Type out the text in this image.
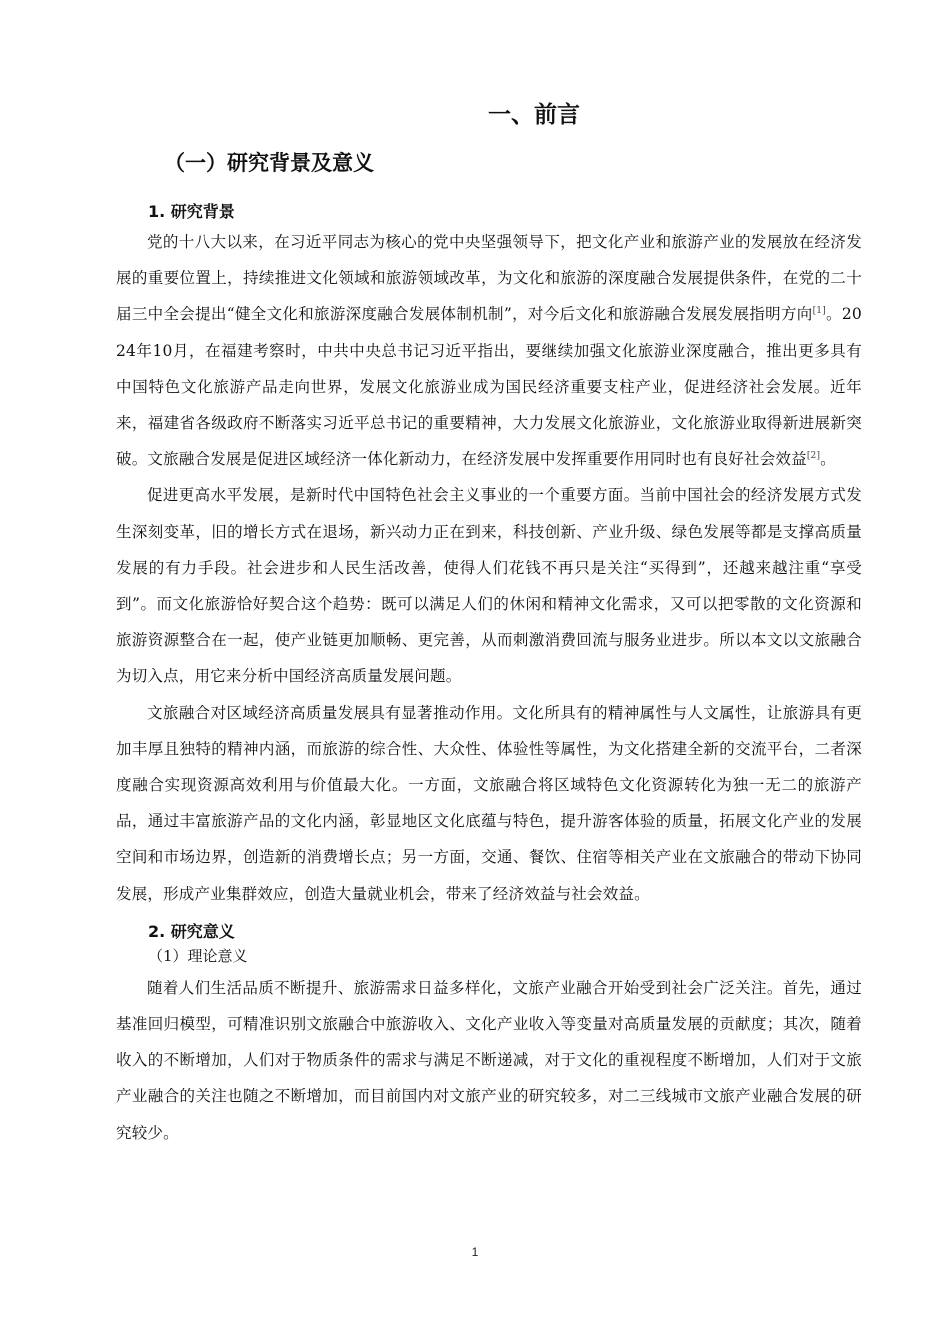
一、前言
（一）研究背景及意义
1. 研究背景

党的十八大以来，在习近平同志为核心的党中央坚强领导下，把文化产业和旅游产业的发展放在经济发展的重要位置上，持续推进文化领域和旅游领域改革，为文化和旅游的深度融合发展提供条件，在党的二十届三中全会提出“健全文化和旅游深度融合发展体制机制”，对今后文化和旅游融合发展发展指明方向[1]。2024年10月，在福建考察时，中共中央总书记习近平指出，要继续加强文化旅游业深度融合，推出更多具有中国特色文化旅游产品走向世界，发展文化旅游业成为国民经济重要支柱产业，促进经济社会发展。近年来，福建省各级政府不断落实习近平总书记的重要精神，大力发展文化旅游业，文化旅游业取得新进展新突破。文旅融合发展是促进区域经济一体化新动力，在经济发展中发挥重要作用同时也有良好社会效益[2]。

促进更高水平发展，是新时代中国特色社会主义事业的一个重要方面。当前中国社会的经济发展方式发生深刻变革，旧的增长方式在退场，新兴动力正在到来，科技创新、产业升级、绿色发展等都是支撑高质量发展的有力手段。社会进步和人民生活改善，使得人们花钱不再只是关注“买得到”，还越来越注重“享受到”。而文化旅游恰好契合这个趋势：既可以满足人们的休闲和精神文化需求，又可以把零散的文化资源和旅游资源整合在一起，使产业链更加顺畅、更完善，从而刺激消费回流与服务业进步。所以本文以文旅融合为切入点，用它来分析中国经济高质量发展问题。

文旅融合对区域经济高质量发展具有显著推动作用。文化所具有的精神属性与人文属性，让旅游具有更加丰厚且独特的精神内涵，而旅游的综合性、大众性、体验性等属性，为文化搭建全新的交流平台，二者深度融合实现资源高效利用与价值最大化。一方面，文旅融合将区域特色文化资源转化为独一无二的旅游产品，通过丰富旅游产品的文化内涵，彰显地区文化底蕴与特色，提升游客体验的质量，拓展文化产业的发展空间和市场边界，创造新的消费增长点；另一方面，交通、餐饮、住宿等相关产业在文旅融合的带动下协同发展，形成产业集群效应，创造大量就业机会，带来了经济效益与社会效益。

2. 研究意义
（1）理论意义

随着人们生活品质不断提升、旅游需求日益多样化，文旅产业融合开始受到社会广泛关注。首先，通过基准回归模型，可精准识别文旅融合中旅游收入、文化产业收入等变量对高质量发展的贡献度；其次，随着收入的不断增加，人们对于物质条件的需求与满足不断递减，对于文化的重视程度不断增加，人们对于文旅产业融合的关注也随之不断增加，而目前国内对文旅产业的研究较多，对二三线城市文旅产业融合发展的研究较少。

1
